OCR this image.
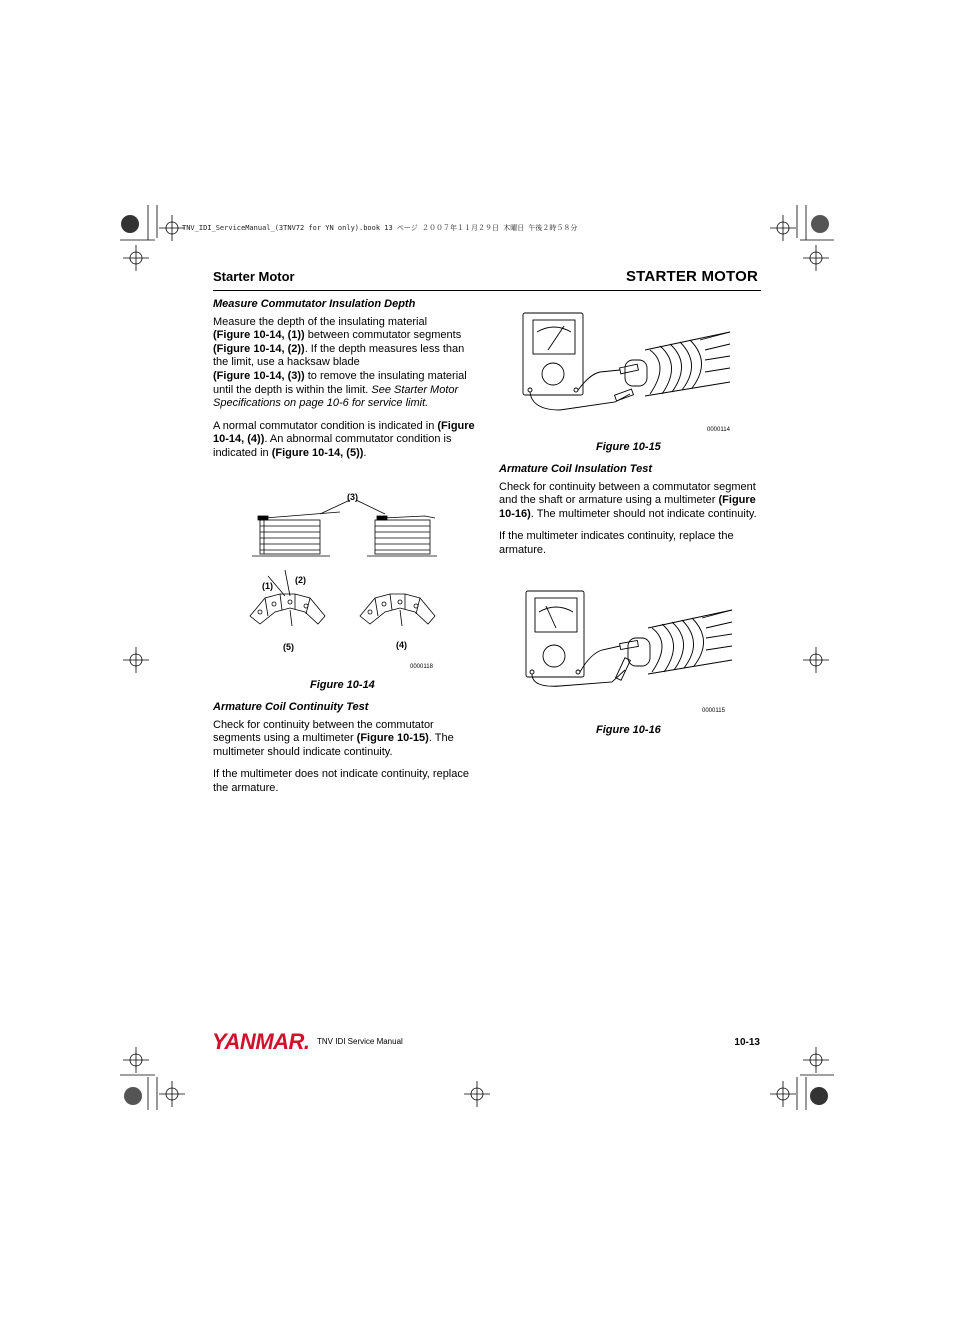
TNV_IDI_ServiceManual_(3TNV72 for YN only).book 13 ページ ２００７年１１月２９日 木曜日 午後２時５８分
Starter Motor	STARTER MOTOR
Measure Commutator Insulation Depth

Measure the depth of the insulating material
(Figure 10-14, (1)) between commutator segments (Figure 10-14, (2)). If the depth measures less than the limit, use a hacksaw blade
(Figure 10-14, (3)) to remove the insulating material until the depth is within the limit. See Starter Motor Specifications on page 10-6 for service limit.

A normal commutator condition is indicated in (Figure 10-14, (4)). An abnormal commutator condition is indicated in (Figure 10-14, (5)).

(3)
(1)
(2)
(5)	(4)
0000118
Figure 10-14
Armature Coil Continuity Test

Check for continuity between the commutator segments using a multimeter (Figure 10-15). The multimeter should indicate continuity.

If the multimeter does not indicate continuity, replace the armature.

0000114
Figure 10-15
Armature Coil Insulation Test

Check for continuity between a commutator segment and the shaft or armature using a multimeter (Figure 10-16). The multimeter should not indicate continuity.

If the multimeter indicates continuity, replace the armature.

0000115
Figure 10-16
YANMAR. TNV IDI Service Manual	10-13
